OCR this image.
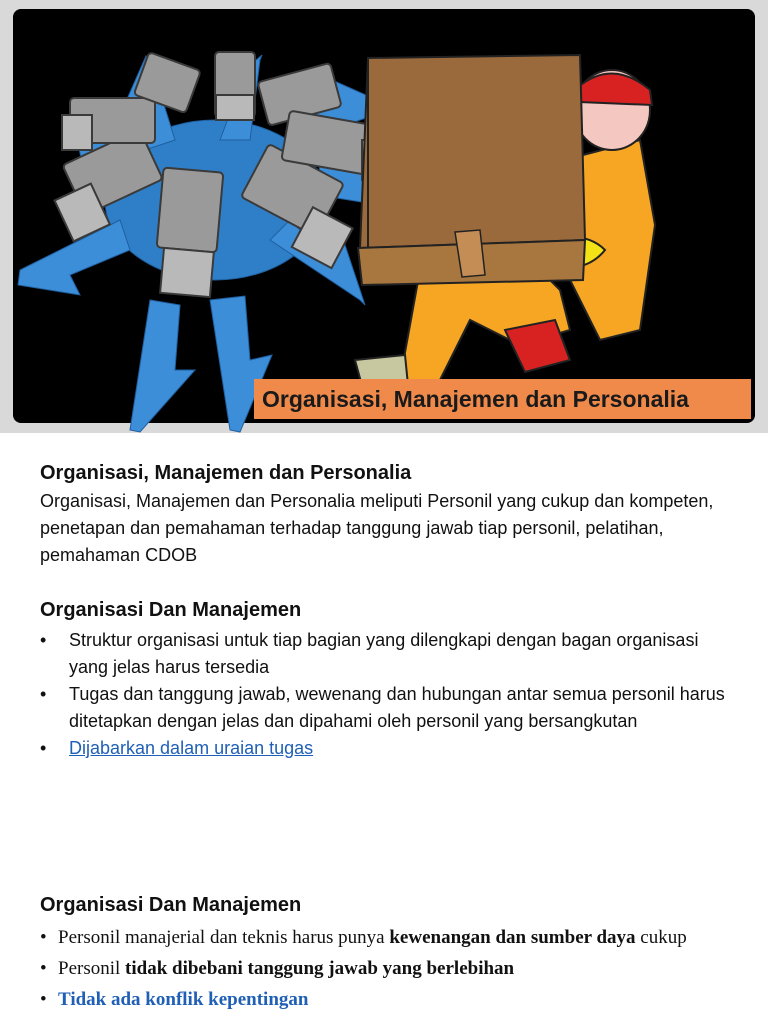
Organisasi, Manajemen dan Personalia
Organisasi, Manajemen dan Personalia

Organisasi, Manajemen dan Personalia meliputi Personil yang cukup dan kompeten, penetapan dan pemahaman terhadap tanggung jawab tiap personil, pelatihan, pemahaman CDOB

Organisasi Dan Manajemen
• Struktur organisasi untuk tiap bagian yang dilengkapi dengan bagan organisasi yang jelas harus tersedia
• Tugas dan tanggung jawab, wewenang dan hubungan antar semua personil harus ditetapkan dengan jelas dan dipahami oleh personil yang bersangkutan
• Dijabarkan dalam uraian tugas
Organisasi Dan Manajemen
• Personil manajerial dan teknis harus punya kewenangan dan sumber daya cukup
• Personil tidak dibebani tanggung jawab yang berlebihan
• Tidak ada konflik kepentingan
